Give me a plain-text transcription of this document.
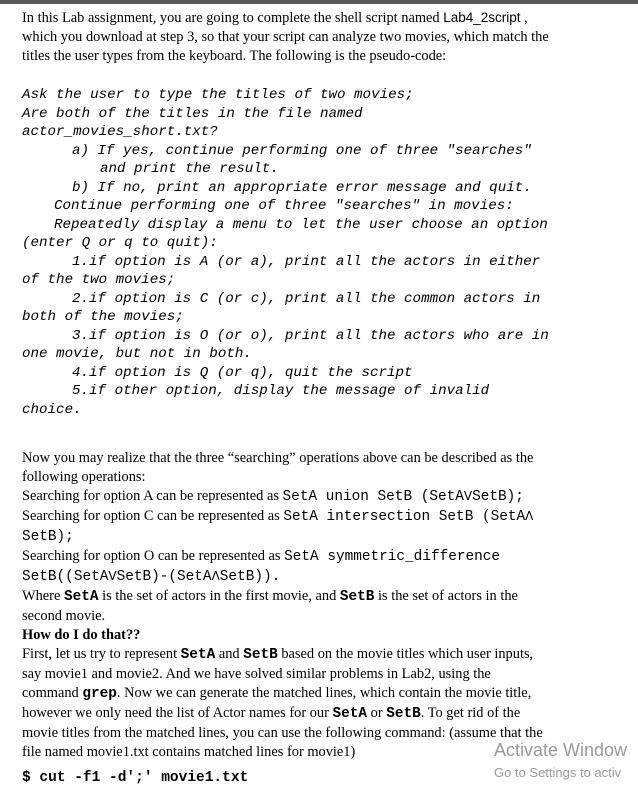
In this Lab assignment, you are going to complete the shell script named Lab4_2script ,
which you download at step 3, so that your script can analyze two movies, which match the
titles the user types from the keyboard. The following is the pseudo-code:

Ask the user to type the titles of two movies;
Are both of the titles in the file named
actor_movies_short.txt?
a) If yes, continue performing one of three "searches"
and print the result.
b) If no, print an appropriate error message and quit.
Continue performing one of three "searches" in movies:
Repeatedly display a menu to let the user choose an option
(enter Q or q to quit):
1.if option is A (or a), print all the actors in either
of the two movies;
2.if option is C (or c), print all the common actors in
both of the movies;
3.if option is O (or o), print all the actors who are in
one movie, but not in both.
4.if option is Q (or q), quit the script
5.if other option, display the message of invalid
choice.

Now you may realize that the three “searching” operations above can be described as the
following operations:
Searching for option A can be represented as SetA union SetB (SetAVSetB);
Searching for option C can be represented as SetA intersection SetB (SetAΛ
SetB);
Searching for option O can be represented as SetA symmetric_difference
SetB((SetAVSetB)-(SetAΛSetB)).
Where SetA is the set of actors in the first movie, and SetB is the set of actors in the
second movie.
How do I do that??
First, let us try to represent SetA and SetB based on the movie titles which user inputs,
say movie1 and movie2. And we have solved similar problems in Lab2, using the
command grep. Now we can generate the matched lines, which contain the movie title,
however we only need the list of Actor names for our SetA or SetB. To get rid of the
movie titles from the matched lines, you can use the following command: (assume that the
file named movie1.txt contains matched lines for movie1)

$ cut -f1 -d';' movie1.txt
Activate Window
Go to Settings to activ
